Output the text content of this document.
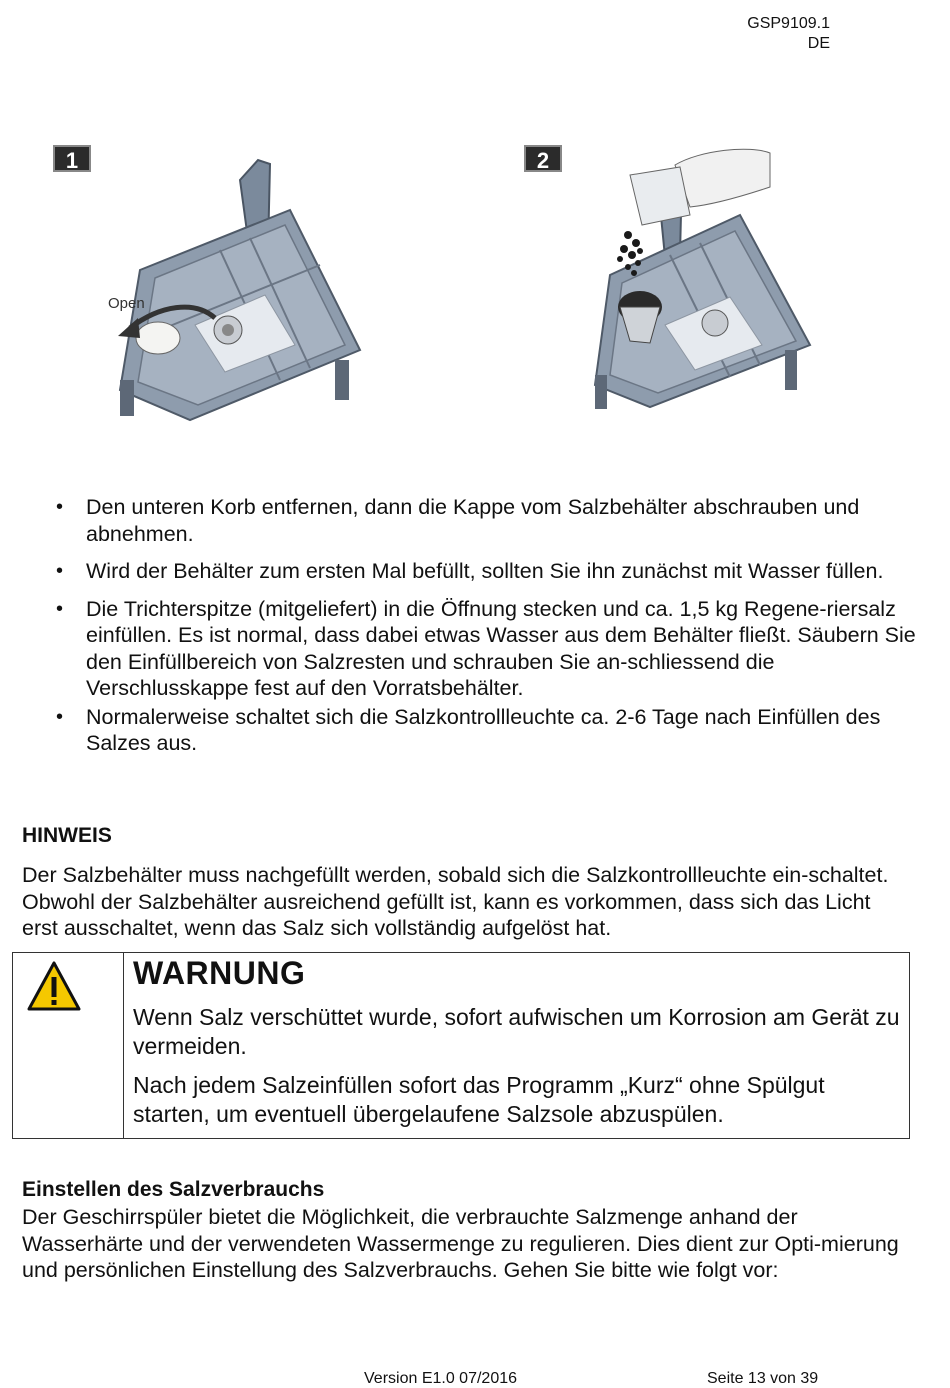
GSP9109.1
DE
1
Open
2
• Den unteren Korb entfernen, dann die Kappe vom Salzbehälter abschrauben und abnehmen.
• Wird der Behälter zum ersten Mal befüllt, sollten Sie ihn zunächst mit Wasser füllen.
• Die Trichterspitze (mitgeliefert) in die Öffnung stecken und ca. 1,5 kg Regene-riersalz einfüllen. Es ist normal, dass dabei etwas Wasser aus dem Behälter fließt. Säubern Sie den Einfüllbereich von Salzresten und schrauben Sie an-schliessend die Verschlusskappe fest auf den Vorratsbehälter.
• Normalerweise schaltet sich die Salzkontrollleuchte ca. 2-6 Tage nach Einfüllen des Salzes aus.
HINWEIS
Der Salzbehälter muss nachgefüllt werden, sobald sich die Salzkontrollleuchte ein-schaltet. Obwohl der Salzbehälter ausreichend gefüllt ist, kann es vorkommen, dass sich das Licht erst ausschaltet, wenn das Salz sich vollständig aufgelöst hat.
WARNUNG
Wenn Salz verschüttet wurde, sofort aufwischen um Korrosion am Gerät zu vermeiden.
Nach jedem Salzeinfüllen sofort das Programm „Kurz“ ohne Spülgut starten, um eventuell übergelaufene Salzsole abzuspülen.
Einstellen des Salzverbrauchs
Der Geschirrspüler bietet die Möglichkeit, die verbrauchte Salzmenge anhand der Wasserhärte und der verwendeten Wassermenge zu regulieren. Dies dient zur Opti-mierung und persönlichen Einstellung des Salzverbrauchs. Gehen Sie bitte wie folgt vor:
Version E1.0 07/2016	Seite 13 von 39
